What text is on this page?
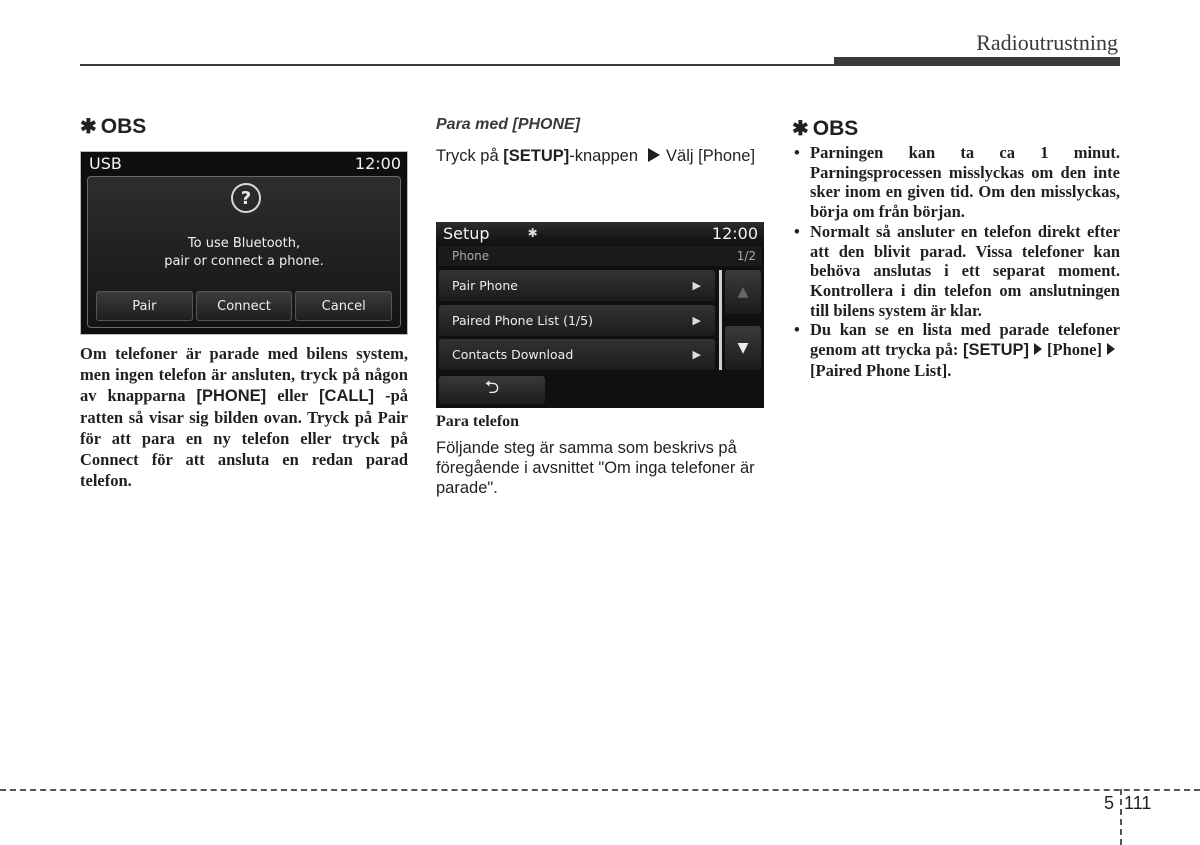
Radioutrustning
✱ OBS
USB	12:00
?
To use Bluetooth,
pair or connect a phone.
Pair	Connect	Cancel
Om telefoner är parade med bilens system, men ingen telefon är ansluten, tryck på någon av knapparna [PHONE] eller [CALL] -på ratten så visar sig bilden ovan. Tryck på Pair för att para en ny telefon eller tryck på Connect för att ansluta en redan parad telefon.
Para med [PHONE]
Tryck på [SETUP]-knappen Välj [Phone]
Setup	✱	12:00
Phone	1/2
Pair Phone	▶
Paired Phone List (1/5)	▶
Contacts Download	▶
▲
▼
⮌
Para telefon
Följande steg är samma som beskrivs på föregående i avsnittet "Om inga telefoner är parade".
✱ OBS
• Parningen kan ta ca 1 minut. Parningsprocessen misslyckas om den inte sker inom en given tid. Om den misslyckas, börja om från början.
• Normalt så ansluter en telefon direkt efter att den blivit parad. Vissa telefoner kan behöva anslutas i ett separat moment. Kontrollera i din telefon om anslutningen till bilens system är klar.
• Du kan se en lista med parade telefoner genom att trycka på: [SETUP] [Phone][Paired Phone List].
5 111
